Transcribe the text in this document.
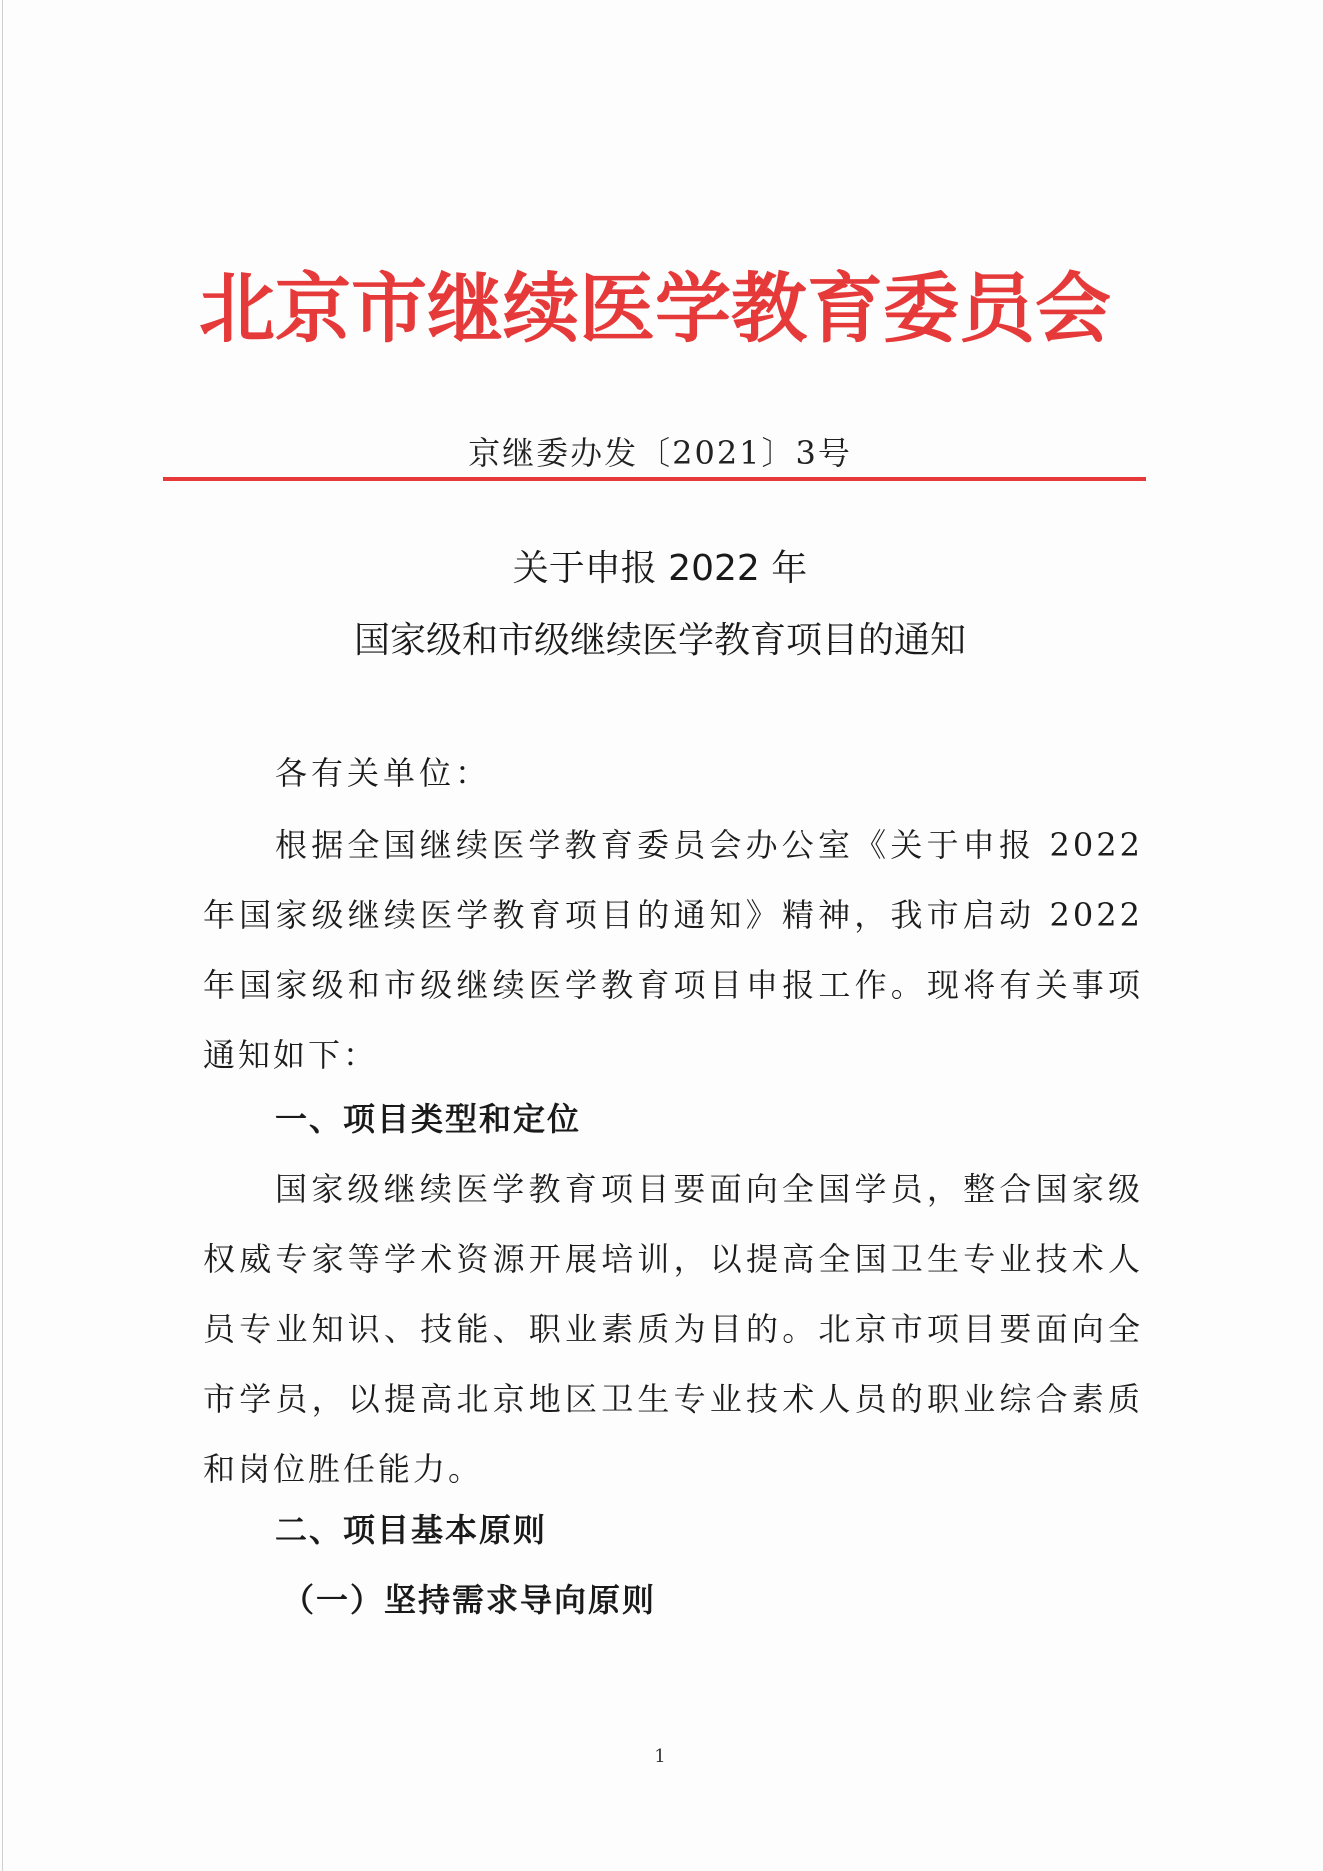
北京市继续医学教育委员会
京继委办发〔2021〕3号
关于申报 2022 年
国家级和市级继续医学教育项目的通知
各有关单位：
根据全国继续医学教育委员会办公室《关于申报 2022 年国家级继续医学教育项目的通知》精神，我市启动 2022 年国家级和市级继续医学教育项目申报工作。现将有关事项通知如下：
一、项目类型和定位
国家级继续医学教育项目要面向全国学员，整合国家级权威专家等学术资源开展培训，以提高全国卫生专业技术人员专业知识、技能、职业素质为目的。北京市项目要面向全市学员，以提高北京地区卫生专业技术人员的职业综合素质和岗位胜任能力。
二、项目基本原则
（一）坚持需求导向原则
1
